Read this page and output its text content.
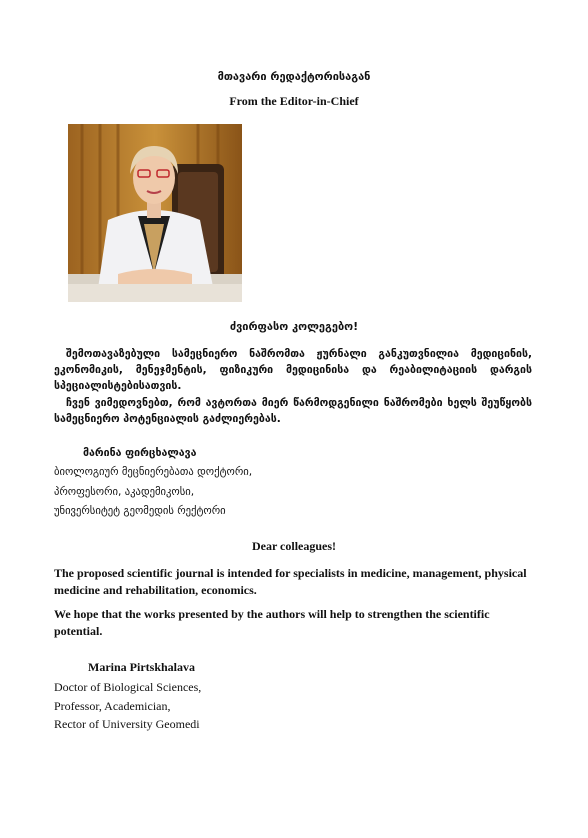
მთავარი რედაქტორისაგან
From the Editor-in-Chief
ძვირფასო კოლეგებო!
შემოთავაზებული სამეცნიერო ნაშრომთა ჟურნალი განკუთვნილია მედიცინის, ეკონომიკის, მენეჯმენტის, ფიზიკური მედიცინისა და რეაბილიტაციის დარგის სპეციალისტებისათვის.
ჩვენ ვიმედოვნებთ, რომ ავტორთა მიერ წარმოდგენილი ნაშრომები ხელს შეუწყობს სამეცნიერო პოტენციალის გაძლიერებას.
მარინა ფირცხალავა
ბიოლოგიურ მეცნიერებათა დოქტორი,
პროფესორი, აკადემიკოსი,
უნივერსიტეტ გეომედის რექტორი
Dear colleagues!
The proposed scientific journal is intended for specialists in medicine, management, physical medicine and rehabilitation, economics.
We hope that the works presented by the authors will help to strengthen the scientific potential.
Marina Pirtskhalava
Doctor of Biological Sciences,
Professor, Academician,
Rector of University Geomedi
